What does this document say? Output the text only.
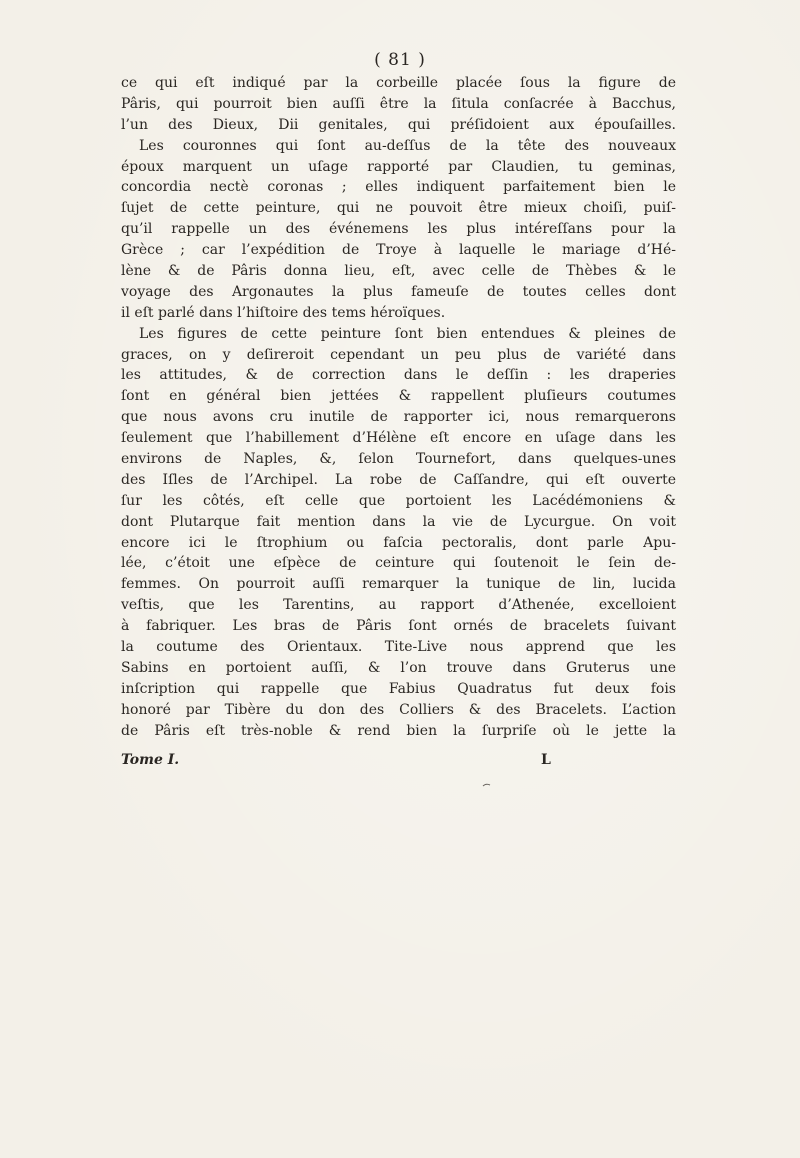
( 81 )
ce qui eſt indiqué par la corbeille placée ſous la figure de
Pâris, qui pourroit bien auſſi être la ſitula conſacrée à Bacchus,
l’un des Dieux, Dii genitales, qui préſidoient aux épouſailles.
Les couronnes qui ſont au-deſſus de la tête des nouveaux
époux marquent un uſage rapporté par Claudien, tu geminas,
concordia nectè coronas ; elles indiquent parfaitement bien le
ſujet de cette peinture, qui ne pouvoit être mieux choiſi, puiſ-
qu’il rappelle un des événemens les plus intéreſſans pour la
Grèce ; car l’expédition de Troye à laquelle le mariage d’Hé-
lène & de Pâris donna lieu, eſt, avec celle de Thèbes & le
voyage des Argonautes la plus fameuſe de toutes celles dont
il eſt parlé dans l’hiſtoire des tems héroïques.
Les figures de cette peinture ſont bien entendues & pleines de
graces, on y deſireroit cependant un peu plus de variété dans
les attitudes, & de correction dans le deſſin : les draperies
ſont en général bien jettées & rappellent pluſieurs coutumes
que nous avons cru inutile de rapporter ici, nous remarquerons
ſeulement que l’habillement d’Hélène eſt encore en uſage dans les
environs de Naples, &, ſelon Tournefort, dans quelques-unes
des Iſles de l’Archipel. La robe de Caſſandre, qui eſt ouverte
ſur les côtés, eſt celle que portoient les Lacédémoniens &
dont Plutarque fait mention dans la vie de Lycurgue. On voit
encore ici le ſtrophium ou faſcia pectoralis, dont parle Apu-
lée, c’étoit une eſpèce de ceinture qui ſoutenoit le ſein de-
femmes. On pourroit auſſi remarquer la tunique de lin, lucida
veſtis, que les Tarentins, au rapport d’Athenée, excelloient
à fabriquer. Les bras de Pâris ſont ornés de bracelets ſuivant
la coutume des Orientaux. Tite-Live nous apprend que les
Sabins en portoient auſſi, & l’on trouve dans Gruterus une
inſcription qui rappelle que Fabius Quadratus fut deux fois
honoré par Tibère du don des Colliers & des Bracelets. L’action
de Pâris eſt très-noble & rend bien la ſurpriſe où le jette la
Tome I.	L
